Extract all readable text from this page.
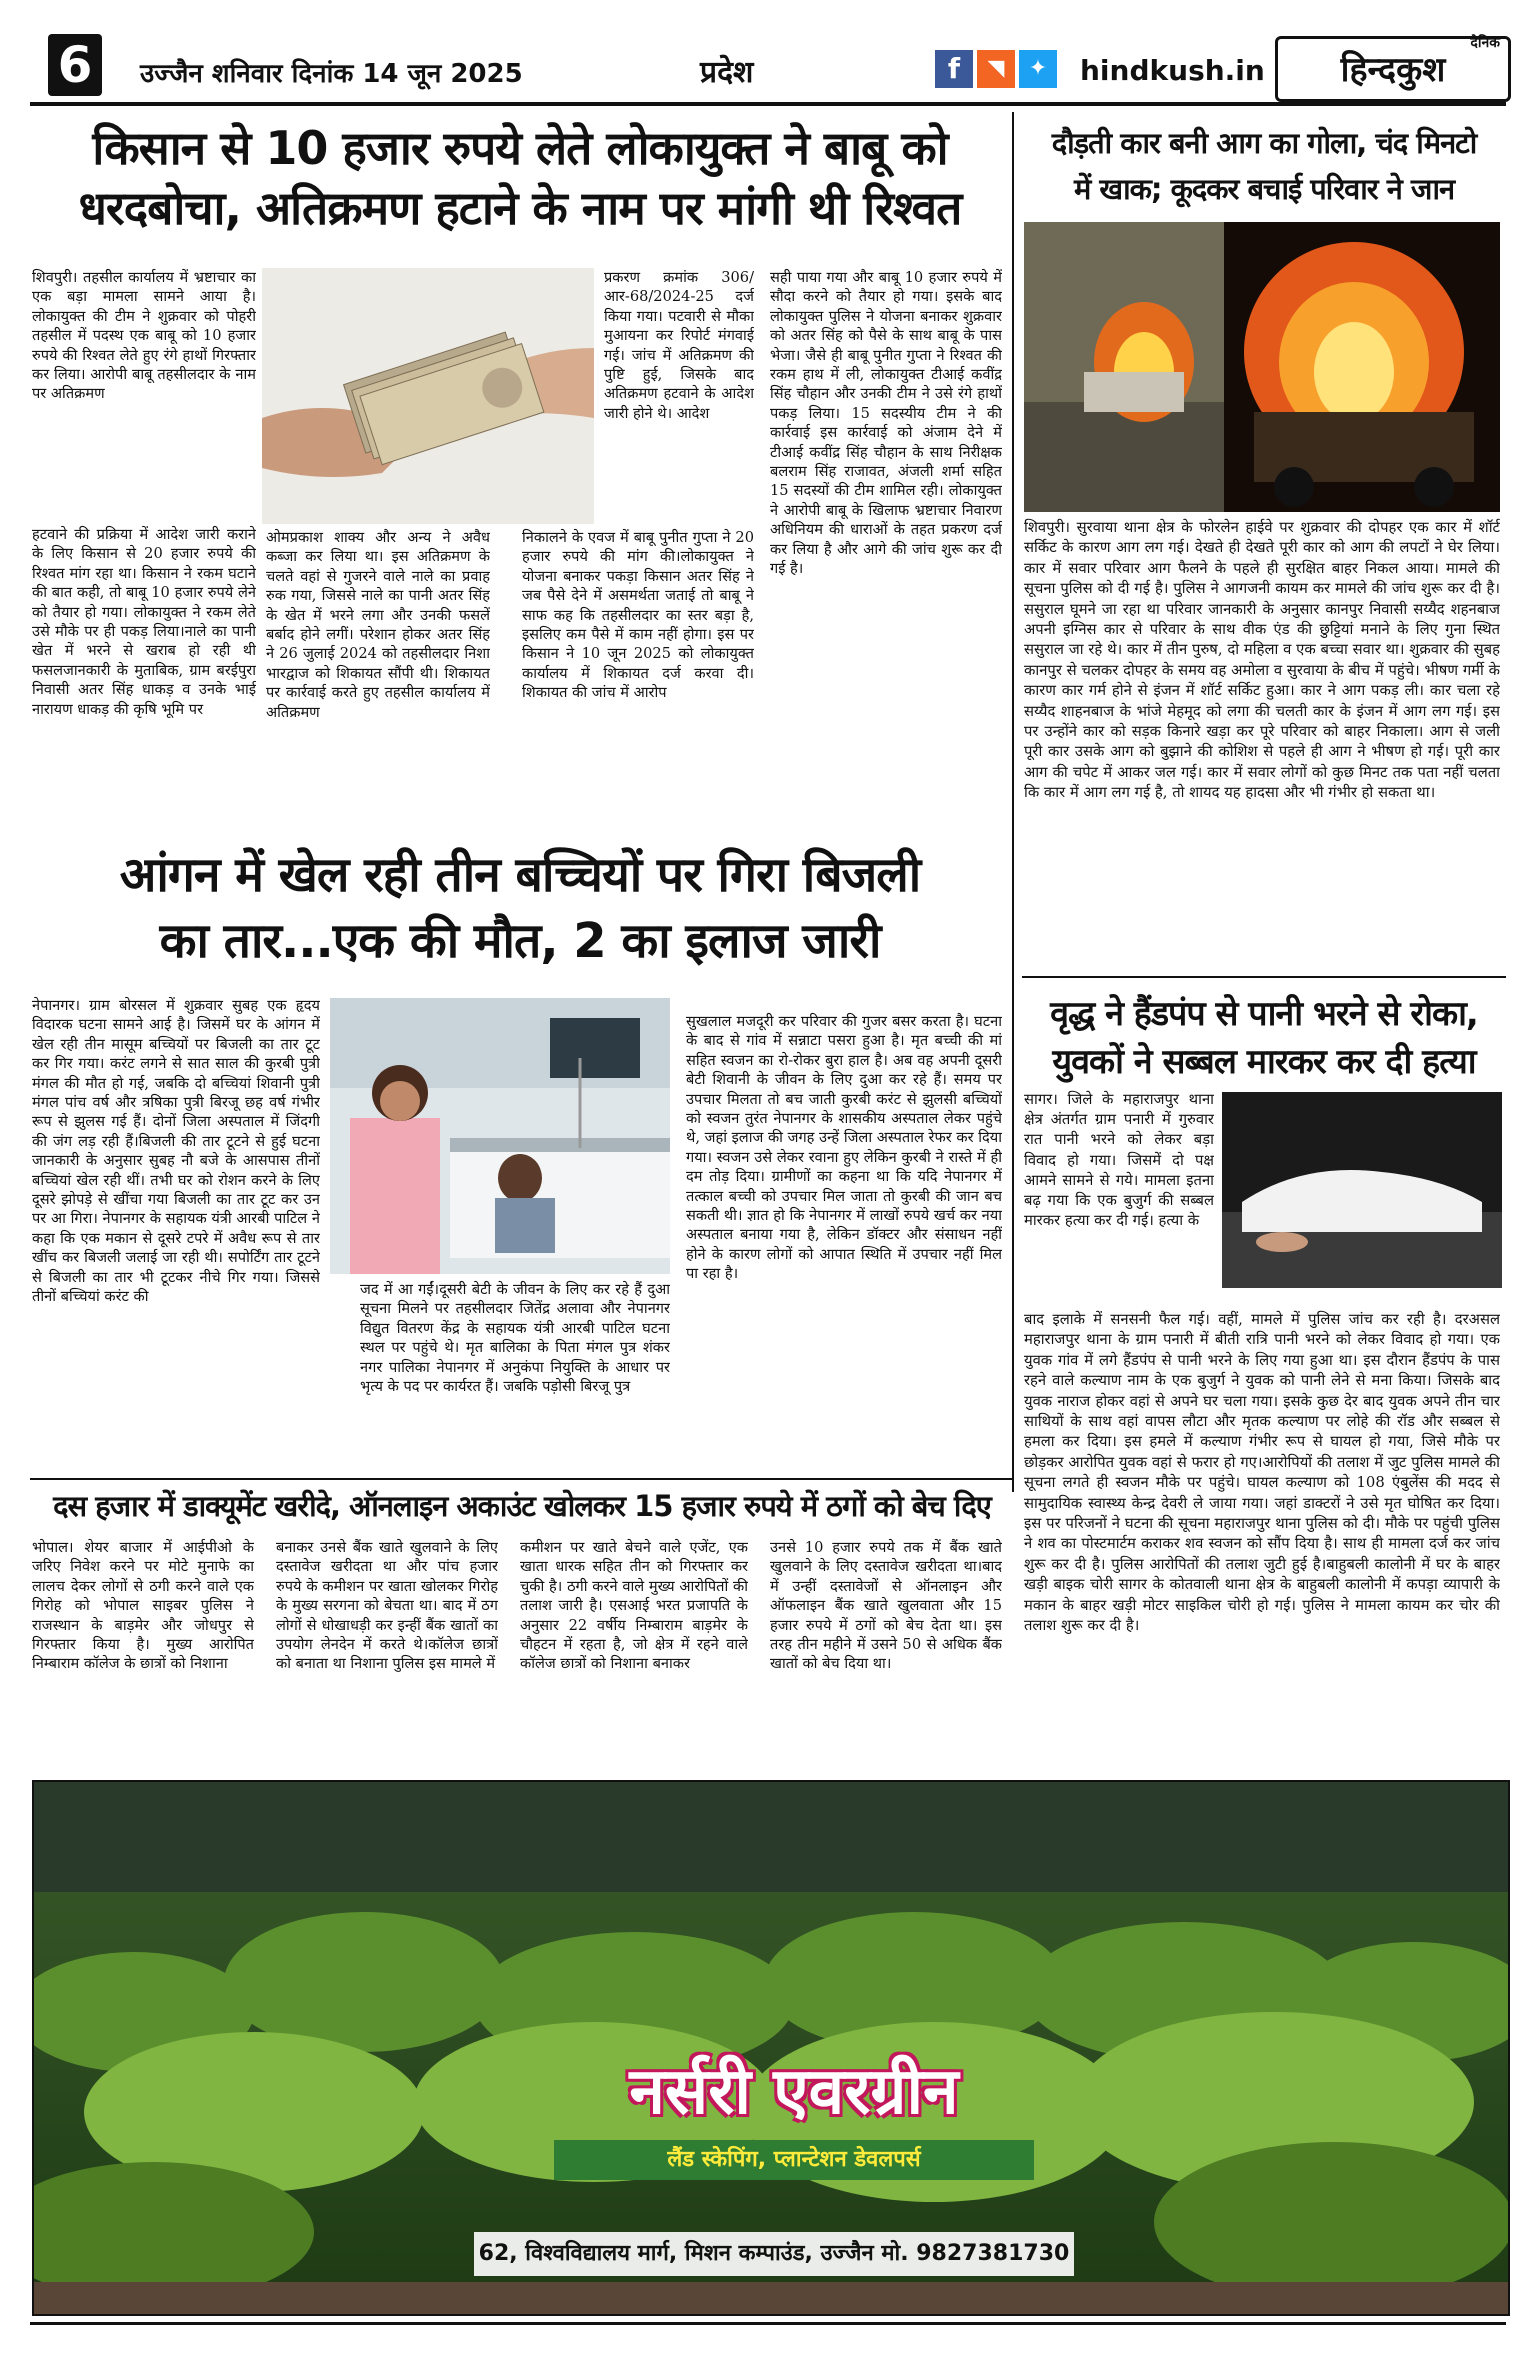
6	उज्जैन शनिवार दिनांक 14 जून 2025	प्रदेश	f	◥	✦	hindkush.in
दैनिक
हिन्दकुश
किसान से 10 हजार रुपये लेते लोकायुक्त ने बाबू को
धरदबोचा, अतिक्रमण हटाने के नाम पर मांगी थी रिश्वत
शिवपुरी। तहसील कार्यालय में भ्रष्टाचार का एक बड़ा मामला सामने आया है। लोकायुक्त की टीम ने शुक्रवार को पोहरी तहसील में पदस्थ एक बाबू को 10 हजार रुपये की रिश्वत लेते हुए रंगे हाथों गिरफ्तार कर लिया। आरोपी बाबू तहसीलदार के नाम पर अतिक्रमण
हटवाने की प्रक्रिया में आदेश जारी कराने के लिए किसान से 20 हजार रुपये की रिश्वत मांग रहा था। किसान ने रकम घटाने की बात कही, तो बाबू 10 हजार रुपये लेने को तैयार हो गया। लोकायुक्त ने रकम लेते उसे मौके पर ही पकड़ लिया।नाले का पानी खेत में भरने से खराब हो रही थी फसलजानकारी के मुताबिक, ग्राम बरईपुरा निवासी अतर सिंह धाकड़ व उनके भाई नारायण धाकड़ की कृषि भूमि पर
ओमप्रकाश शाक्य और अन्य ने अवैध कब्जा कर लिया था। इस अतिक्रमण के चलते वहां से गुजरने वाले नाले का प्रवाह रुक गया, जिससे नाले का पानी अतर सिंह के खेत में भरने लगा और उनकी फसलें बर्बाद होने लगीं। परेशान होकर अतर सिंह ने 26 जुलाई 2024 को तहसीलदार निशा भारद्वाज को शिकायत सौंपी थी। शिकायत पर कार्रवाई करते हुए तहसील कार्यालय में अतिक्रमण
प्रकरण क्रमांक 306/आर-68/2024-25 दर्ज किया गया। पटवारी से मौका मुआयना कर रिपोर्ट मंगवाई गई। जांच में अतिक्रमण की पुष्टि हुई, जिसके बाद अतिक्रमण हटवाने के आदेश जारी होने थे। आदेश
निकालने के एवज में बाबू पुनीत गुप्ता ने 20 हजार रुपये की मांग की।लोकायुक्त ने योजना बनाकर पकड़ा किसान अतर सिंह ने जब पैसे देने में असमर्थता जताई तो बाबू ने साफ कह कि तहसीलदार का स्तर बड़ा है, इसलिए कम पैसे में काम नहीं होगा। इस पर किसान ने 10 जून 2025 को लोकायुक्त कार्यालय में शिकायत दर्ज करवा दी। शिकायत की जांच में आरोप
सही पाया गया और बाबू 10 हजार रुपये में सौदा करने को तैयार हो गया। इसके बाद लोकायुक्त पुलिस ने योजना बनाकर शुक्रवार को अतर सिंह को पैसे के साथ बाबू के पास भेजा। जैसे ही बाबू पुनीत गुप्ता ने रिश्वत की रकम हाथ में ली, लोकायुक्त टीआई कवींद्र सिंह चौहान और उनकी टीम ने उसे रंगे हाथों पकड़ लिया। 15 सदस्यीय टीम ने की कार्रवाई इस कार्रवाई को अंजाम देने में टीआई कवींद्र सिंह चौहान के साथ निरीक्षक बलराम सिंह राजावत, अंजली शर्मा सहित 15 सदस्यों की टीम शामिल रही। लोकायुक्त ने आरोपी बाबू के खिलाफ भ्रष्टाचार निवारण अधिनियम की धाराओं के तहत प्रकरण दर्ज कर लिया है और आगे की जांच शुरू कर दी गई है।
आंगन में खेल रही तीन बच्चियों पर गिरा बिजली
का तार...एक की मौत, 2 का इलाज जारी
नेपानगर। ग्राम बोरसल में शुक्रवार सुबह एक हृदय विदारक घटना सामने आई है। जिसमें घर के आंगन में खेल रही तीन मासूम बच्चियों पर बिजली का तार टूट कर गिर गया। करंट लगने से सात साल की कुरबी पुत्री मंगल की मौत हो गई, जबकि दो बच्चियां शिवानी पुत्री मंगल पांच वर्ष और त्रषिका पुत्री बिरजू छह वर्ष गंभीर रूप से झुलस गई हैं। दोनों जिला अस्पताल में जिंदगी की जंग लड़ रही हैं।बिजली की तार टूटने से हुई घटना जानकारी के अनुसार सुबह नौ बजे के आसपास तीनों बच्चियां खेल रही थीं। तभी घर को रोशन करने के लिए दूसरे झोपड़े से खींचा गया बिजली का तार टूट कर उन पर आ गिरा। नेपानगर के सहायक यंत्री आरबी पाटिल ने कहा कि एक मकान से दूसरे टपरे में अवैध रूप से तार खींच कर बिजली जलाई जा रही थी। सपोर्टिंग तार टूटने से बिजली का तार भी टूटकर नीचे गिर गया। जिससे तीनों बच्चियां करंट की	जद में आ गईं।दूसरी बेटी के जीवन के लिए कर रहे हैं दुआ सूचना मिलने पर तहसीलदार जितेंद्र अलावा और नेपानगर विद्युत वितरण केंद्र के सहायक यंत्री आरबी पाटिल घटना स्थल पर पहुंचे थे। मृत बालिका के पिता मंगल पुत्र शंकर नगर पालिका नेपानगर में अनुकंपा नियुक्ति के आधार पर भृत्य के पद पर कार्यरत हैं। जबकि पड़ोसी बिरजू पुत्र
सुखलाल मजदूरी कर परिवार की गुजर बसर करता है। घटना के बाद से गांव में सन्नाटा पसरा हुआ है। मृत बच्ची की मां सहित स्वजन का रो-रोकर बुरा हाल है। अब वह अपनी दूसरी बेटी शिवानी के जीवन के लिए दुआ कर रहे हैं। समय पर उपचार मिलता तो बच जाती कुरबी करंट से झुलसी बच्चियों को स्वजन तुरंत नेपानगर के शासकीय अस्पताल लेकर पहुंचे थे, जहां इलाज की जगह उन्हें जिला अस्पताल रेफर कर दिया गया। स्वजन उसे लेकर रवाना हुए लेकिन कुरबी ने रास्ते में ही दम तोड़ दिया। ग्रामीणों का कहना था कि यदि नेपानगर में तत्काल बच्ची को उपचार मिल जाता तो कुरबी की जान बच सकती थी। ज्ञात हो कि नेपानगर में लाखों रुपये खर्च कर नया अस्पताल बनाया गया है, लेकिन डॉक्टर और संसाधन नहीं होने के कारण लोगों को आपात स्थिति में उपचार नहीं मिल पा रहा है।
दस हजार में डाक्यूमेंट खरीदे, ऑनलाइन अकाउंट खोलकर 15 हजार रुपये में ठगों को बेच दिए
भोपाल। शेयर बाजार में आईपीओ के जरिए निवेश करने पर मोटे मुनाफे का लालच देकर लोगों से ठगी करने वाले एक गिरोह को भोपाल साइबर पुलिस ने राजस्थान के बाड़मेर और जोधपुर से गिरफ्तार किया है। मुख्य आरोपित निम्बाराम कॉलेज के छात्रों को निशाना
बनाकर उनसे बैंक खाते खुलवाने के लिए दस्तावेज खरीदता था और पांच हजार रुपये के कमीशन पर खाता खोलकर गिरोह के मुख्य सरगना को बेचता था। बाद में ठग लोगों से धोखाधड़ी कर इन्हीं बैंक खातों का उपयोग लेनदेन में करते थे।कॉलेज छात्रों को बनाता था निशाना पुलिस इस मामले में
कमीशन पर खाते बेचने वाले एजेंट, एक खाता धारक सहित तीन को गिरफ्तार कर चुकी है। ठगी करने वाले मुख्य आरोपितों की तलाश जारी है। एसआई भरत प्रजापति के अनुसार 22 वर्षीय निम्बाराम बाड़मेर के चौहटन में रहता है, जो क्षेत्र में रहने वाले कॉलेज छात्रों को निशाना बनाकर
उनसे 10 हजार रुपये तक में बैंक खाते खुलवाने के लिए दस्तावेज खरीदता था।बाद में उन्हीं दस्तावेजों से ऑनलाइन और ऑफलाइन बैंक खाते खुलवाता और 15 हजार रुपये में ठगों को बेच देता था। इस तरह तीन महीने में उसने 50 से अधिक बैंक खातों को बेच दिया था।
दौड़ती कार बनी आग का गोला, चंद मिनटो
में खाक; कूदकर बचाई परिवार ने जान
शिवपुरी। सुरवाया थाना क्षेत्र के फोरलेन हाईवे पर शुक्रवार की दोपहर एक कार में शॉर्ट सर्किट के कारण आग लग गई। देखते ही देखते पूरी कार को आग की लपटों ने घेर लिया। कार में सवार परिवार आग फैलने के पहले ही सुरक्षित बाहर निकल आया। मामले की सूचना पुलिस को दी गई है। पुलिस ने आगजनी कायम कर मामले की जांच शुरू कर दी है। ससुराल घूमने जा रहा था परिवार जानकारी के अनुसार कानपुर निवासी सय्यैद शहनबाज अपनी इग्निस कार से परिवार के साथ वीक एंड की छुट्टियां मनाने के लिए गुना स्थित ससुराल जा रहे थे। कार में तीन पुरुष, दो महिला व एक बच्चा सवार था। शुक्रवार की सुबह कानपुर से चलकर दोपहर के समय वह अमोला व सुरवाया के बीच में पहुंचे। भीषण गर्मी के कारण कार गर्म होने से इंजन में शॉर्ट सर्किट हुआ। कार ने आग पकड़ ली। कार चला रहे सय्यैद शाहनबाज के भांजे मेहमूद को लगा की चलती कार के इंजन में आग लग गई। इस पर उन्होंने कार को सड़क किनारे खड़ा कर पूरे परिवार को बाहर निकाला। आग से जली पूरी कार उसके आग को बुझाने की कोशिश से पहले ही आग ने भीषण हो गई। पूरी कार आग की चपेट में आकर जल गई। कार में सवार लोगों को कुछ मिनट तक पता नहीं चलता कि कार में आग लग गई है, तो शायद यह हादसा और भी गंभीर हो सकता था।
वृद्ध ने हैंडपंप से पानी भरने से रोका,
युवकों ने सब्बल मारकर कर दी हत्या
सागर। जिले के महाराजपुर थाना क्षेत्र अंतर्गत ग्राम पनारी में गुरुवार रात पानी भरने को लेकर बड़ा विवाद हो गया। जिसमें दो पक्ष आमने सामने से गये। मामला इतना बढ़ गया कि एक बुजुर्ग की सब्बल मारकर हत्या कर दी गई। हत्या के
बाद इलाके में सनसनी फैल गई। वहीं, मामले में पुलिस जांच कर रही है। दरअसल महाराजपुर थाना के ग्राम पनारी में बीती रात्रि पानी भरने को लेकर विवाद हो गया। एक युवक गांव में लगे हैंडपंप से पानी भरने के लिए गया हुआ था। इस दौरान हैंडपंप के पास रहने वाले कल्याण नाम के एक बुजुर्ग ने युवक को पानी लेने से मना किया। जिसके बाद युवक नाराज होकर वहां से अपने घर चला गया। इसके कुछ देर बाद युवक अपने तीन चार साथियों के साथ वहां वापस लौटा और मृतक कल्याण पर लोहे की रॉड और सब्बल से हमला कर दिया। इस हमले में कल्याण गंभीर रूप से घायल हो गया, जिसे मौके पर छोड़कर आरोपित युवक वहां से फरार हो गए।आरोपियों की तलाश में जुट पुलिस मामले की सूचना लगते ही स्वजन मौके पर पहुंचे। घायल कल्याण को 108 एंबुलेंस की मदद से सामुदायिक स्वास्थ्य केन्द्र देवरी ले जाया गया। जहां डाक्टरों ने उसे मृत घोषित कर दिया। इस पर परिजनों ने घटना की सूचना महाराजपुर थाना पुलिस को दी। मौके पर पहुंची पुलिस ने शव का पोस्टमार्टम कराकर शव स्वजन को सौंप दिया है। साथ ही मामला दर्ज कर जांच शुरू कर दी है। पुलिस आरोपितों की तलाश जुटी हुई है।बाहुबली कालोनी में घर के बाहर खड़ी बाइक चोरी सागर के कोतवाली थाना क्षेत्र के बाहुबली कालोनी में कपड़ा व्यापारी के मकान के बाहर खड़ी मोटर साइकिल चोरी हो गई। पुलिस ने मामला कायम कर चोर की तलाश शुरू कर दी है।
नर्सरी एवरग्रीन
लैंड स्केपिंग, प्लान्टेशन डेवलपर्स
62, विश्वविद्यालय मार्ग, मिशन कम्पाउंड, उज्जैन मो. 9827381730
